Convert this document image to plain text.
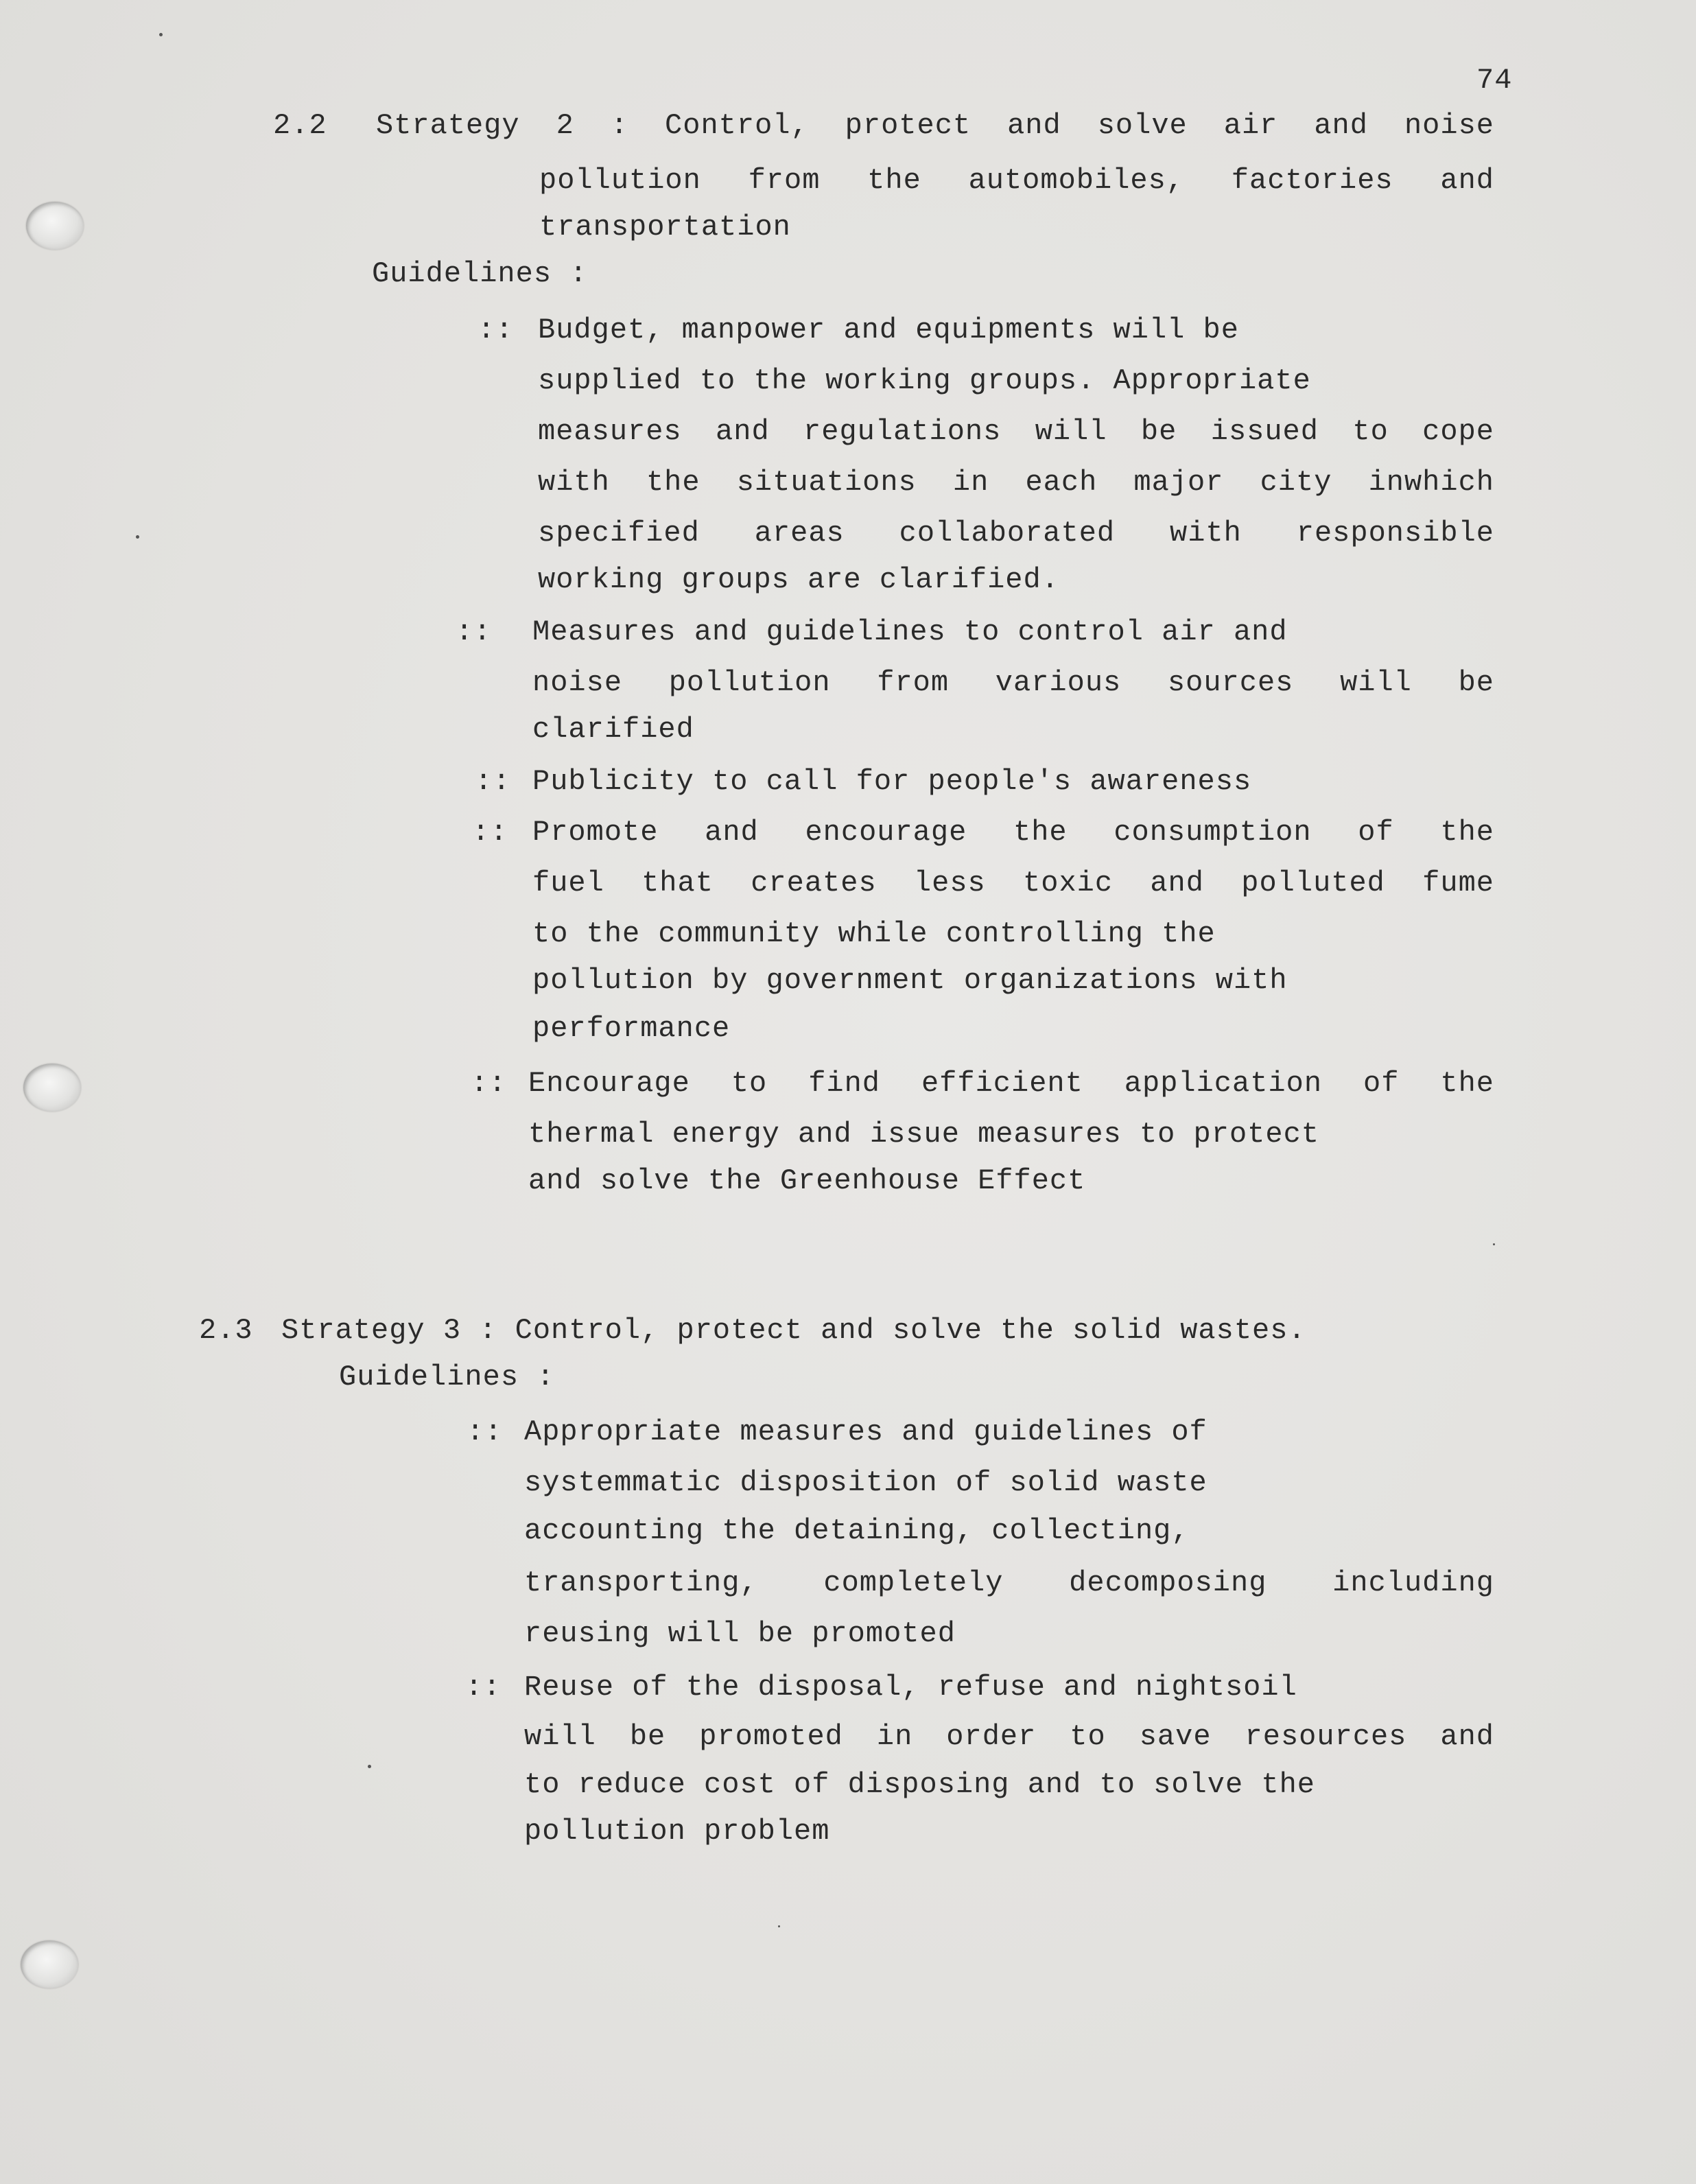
74
2.2 Strategy 2 : Control, protect and solve air and noise
pollution from the automobiles, factories and
transportation
Guidelines :
:: Budget, manpower and equipments will be
supplied to the working groups. Appropriate
measures and regulations will be issued to cope
with the situations in each major city inwhich
specified areas collaborated with responsible
working groups are clarified.
:: Measures and guidelines to control air and
noise pollution from various sources will be
clarified
:: Publicity to call for people's awareness
:: Promote and encourage the consumption of the
fuel that creates less toxic and polluted fume
to the community while controlling the
pollution by government organizations with
performance
:: Encourage to find efficient application of the
thermal energy and issue measures to protect
and solve the Greenhouse Effect
2.3 Strategy 3 : Control, protect and solve the solid wastes.
Guidelines :
:: Appropriate measures and guidelines of
systemmatic disposition of solid waste
accounting the detaining, collecting,
transporting, completely decomposing including
reusing will be promoted
:: Reuse of the disposal, refuse and nightsoil
will be promoted in order to save resources and
to reduce cost of disposing and to solve the
pollution problem
